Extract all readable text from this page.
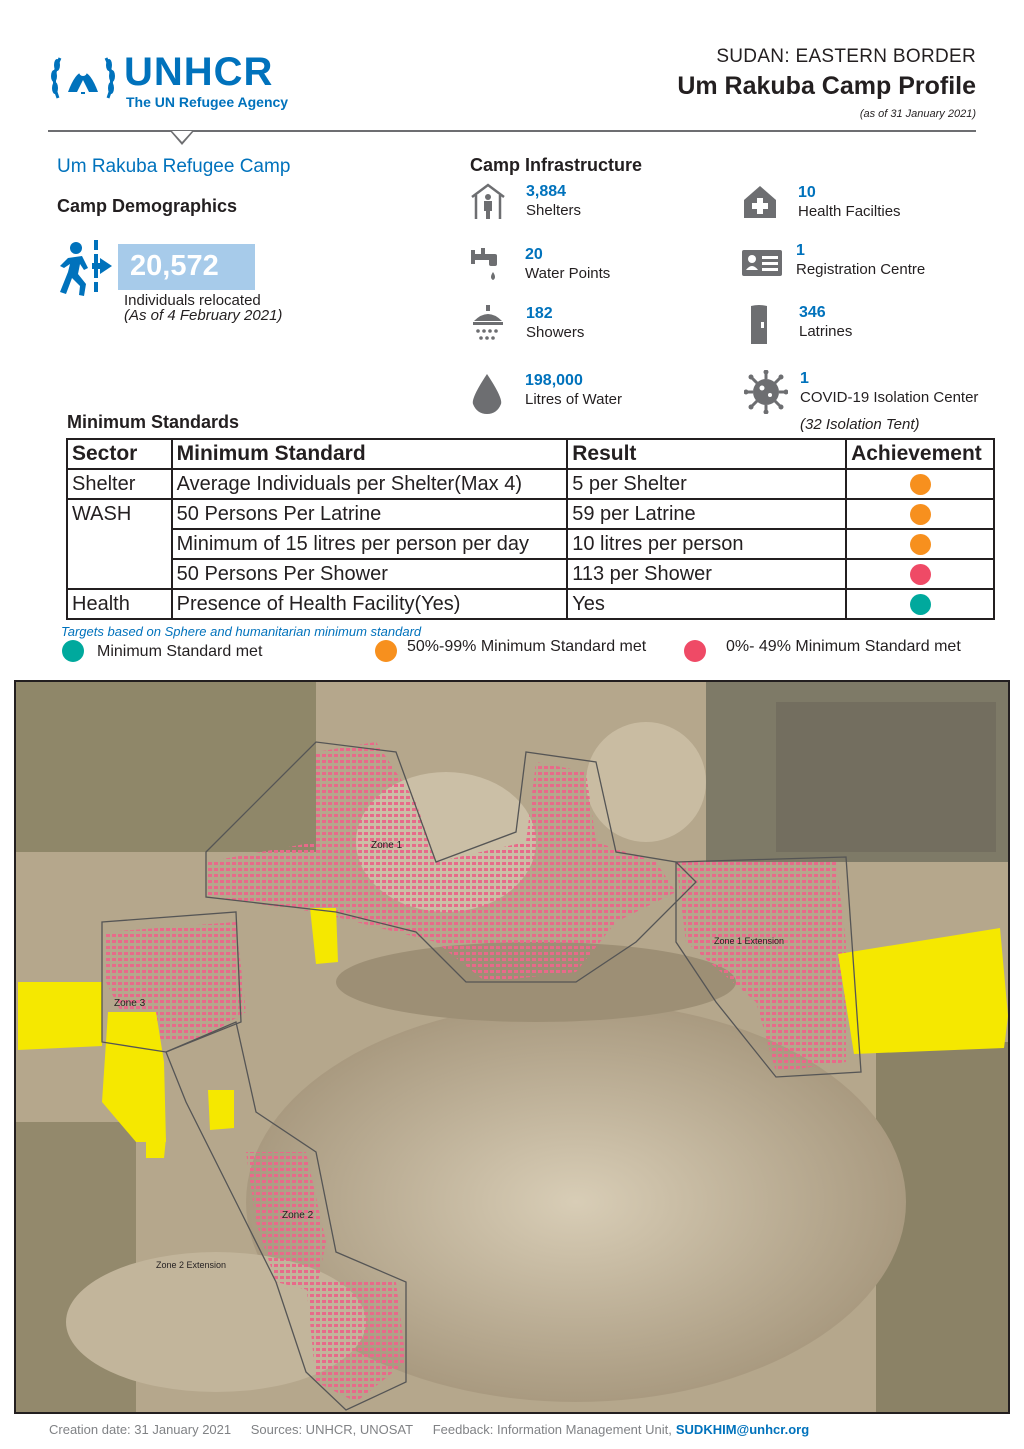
UNHCR
The UN Refugee Agency
SUDAN: EASTERN BORDER
Um Rakuba Camp Profile
(as of 31 January 2021)
Um Rakuba Refugee Camp
Camp Demographics
20,572
Individuals relocated
(As of 4 February 2021)
Camp Infrastructure
3,884
Shelters
10
Health Facilties
20
Water Points
1
Registration Centre
182
Showers
346
Latrines
198,000
Litres of Water
1
COVID-19 Isolation Center
(32 Isolation Tent)
Minimum Standards
Sector	Minimum Standard	Result	Achievement
Shelter	Average Individuals per Shelter(Max 4)	5 per Shelter	
WASH	50 Persons Per Latrine	59 per Latrine	
	Minimum of 15 litres per person per day	10 litres per person	
	50 Persons Per Shower	113 per Shower	
Health	Presence of Health Facility(Yes)	Yes	
Targets based on Sphere and humanitarian minimum standard
Minimum Standard met	50%-99% Minimum Standard met	0%- 49% Minimum Standard met
Zone 1
Zone 1 Extension
Zone 2
Zone 2 Extension
Zone 3
Creation date: 31 January 2021 Sources: UNHCR, UNOSAT Feedback: Information Management Unit, SUDKHIM@unhcr.org
